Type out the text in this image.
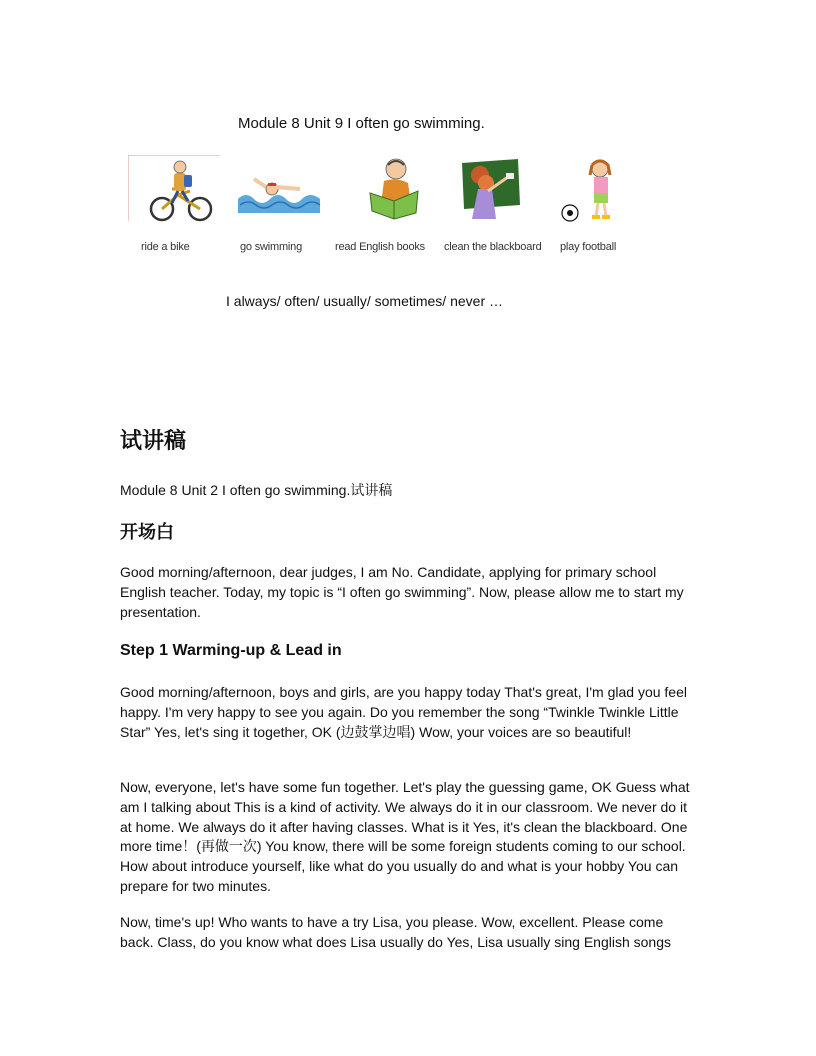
Module 8 Unit 9 I often go swimming.
ride a bike	go swimming	read English books clean the blackboard play football
I always/ often/ usually/ sometimes/ never …
试讲稿

Module 8 Unit 2 I often go swimming.试讲稿

开场白

Good morning/afternoon, dear judges, I am No. Candidate, applying for primary school English teacher. Today, my topic is “I often go swimming”. Now, please allow me to start my presentation.

Step 1 Warming-up & Lead in

Good morning/afternoon, boys and girls, are you happy today That's great, I'm glad you feel happy. I'm very happy to see you again. Do you remember the song “Twinkle Twinkle Little Star” Yes, let's sing it together, OK (边鼓掌边唱) Wow, your voices are so beautiful!

Now, everyone, let's have some fun together. Let's play the guessing game, OK Guess what am I talking about This is a kind of activity. We always do it in our classroom. We never do it at home. We always do it after having classes. What is it Yes, it's clean the blackboard. One more time！(再做一次) You know, there will be some foreign students coming to our school. How about introduce yourself, like what do you usually do and what is your hobby You can prepare for two minutes.

Now, time's up! Who wants to have a try Lisa, you please. Wow, excellent. Please come back. Class, do you know what does Lisa usually do Yes, Lisa usually sing English songs
